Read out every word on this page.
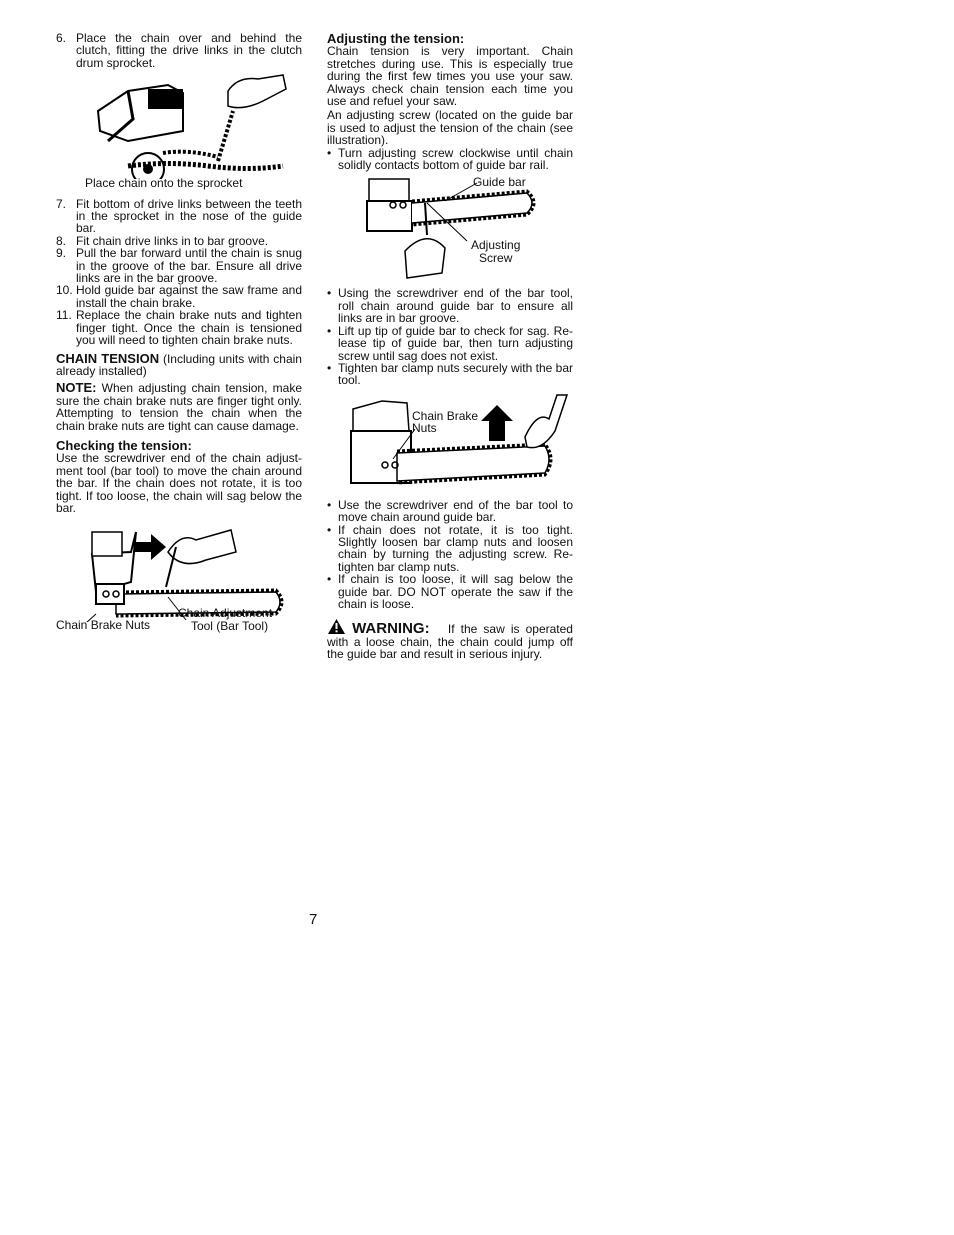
6. Place the chain over and behind the clutch, fitting the drive links in the clutch drum sprocket.
Place chain onto the sprocket
7. Fit bottom of drive links between the teeth in the sprocket in the nose of the guide bar.
8. Fit chain drive links in to bar groove.
9. Pull the bar forward until the chain is snug in the groove of the bar. Ensure all drive links are in the bar groove.
10. Hold guide bar against the saw frame and install the chain brake.
11. Replace the chain brake nuts and tighten finger tight. Once the chain is tensioned you will need to tighten chain brake nuts.

CHAIN TENSION (Including units with chain already installed)

NOTE: When adjusting chain tension, make sure the chain brake nuts are finger tight only. Attempting to tension the chain when the chain brake nuts are tight can cause damage.

Checking the tension:

Use the screwdriver end of the chain adjust-ment tool (bar tool) to move the chain around the bar. If the chain does not rotate, it is too tight. If too loose, the chain will sag below the bar.

Chain Brake Nuts
Chain Adjustment
Tool (Bar Tool)
Adjusting the tension:

Chain tension is very important. Chain stretches during use. This is especially true during the first few times you use your saw. Always check chain tension each time you use and refuel your saw.

An adjusting screw (located on the guide bar is used to adjust the tension of the chain (see illustration).

• Turn adjusting screw clockwise until chain solidly contacts bottom of guide bar rail.
Guide bar
Adjusting
Screw
• Using the screwdriver end of the bar tool, roll chain around guide bar to ensure all links are in bar groove.
• Lift up tip of guide bar to check for sag. Re-lease tip of guide bar, then turn adjusting screw until sag does not exist.
• Tighten bar clamp nuts securely with the bar tool.
Chain Brake
Nuts
• Use the screwdriver end of the bar tool to move chain around guide bar.
• If chain does not rotate, it is too tight. Slightly loosen bar clamp nuts and loosen chain by turning the adjusting screw. Re-tighten bar clamp nuts.
• If chain is too loose, it will sag below the guide bar. DO NOT operate the saw if the chain is loose.

WARNING: If the saw is operated with a loose chain, the chain could jump off the guide bar and result in serious injury.

7
